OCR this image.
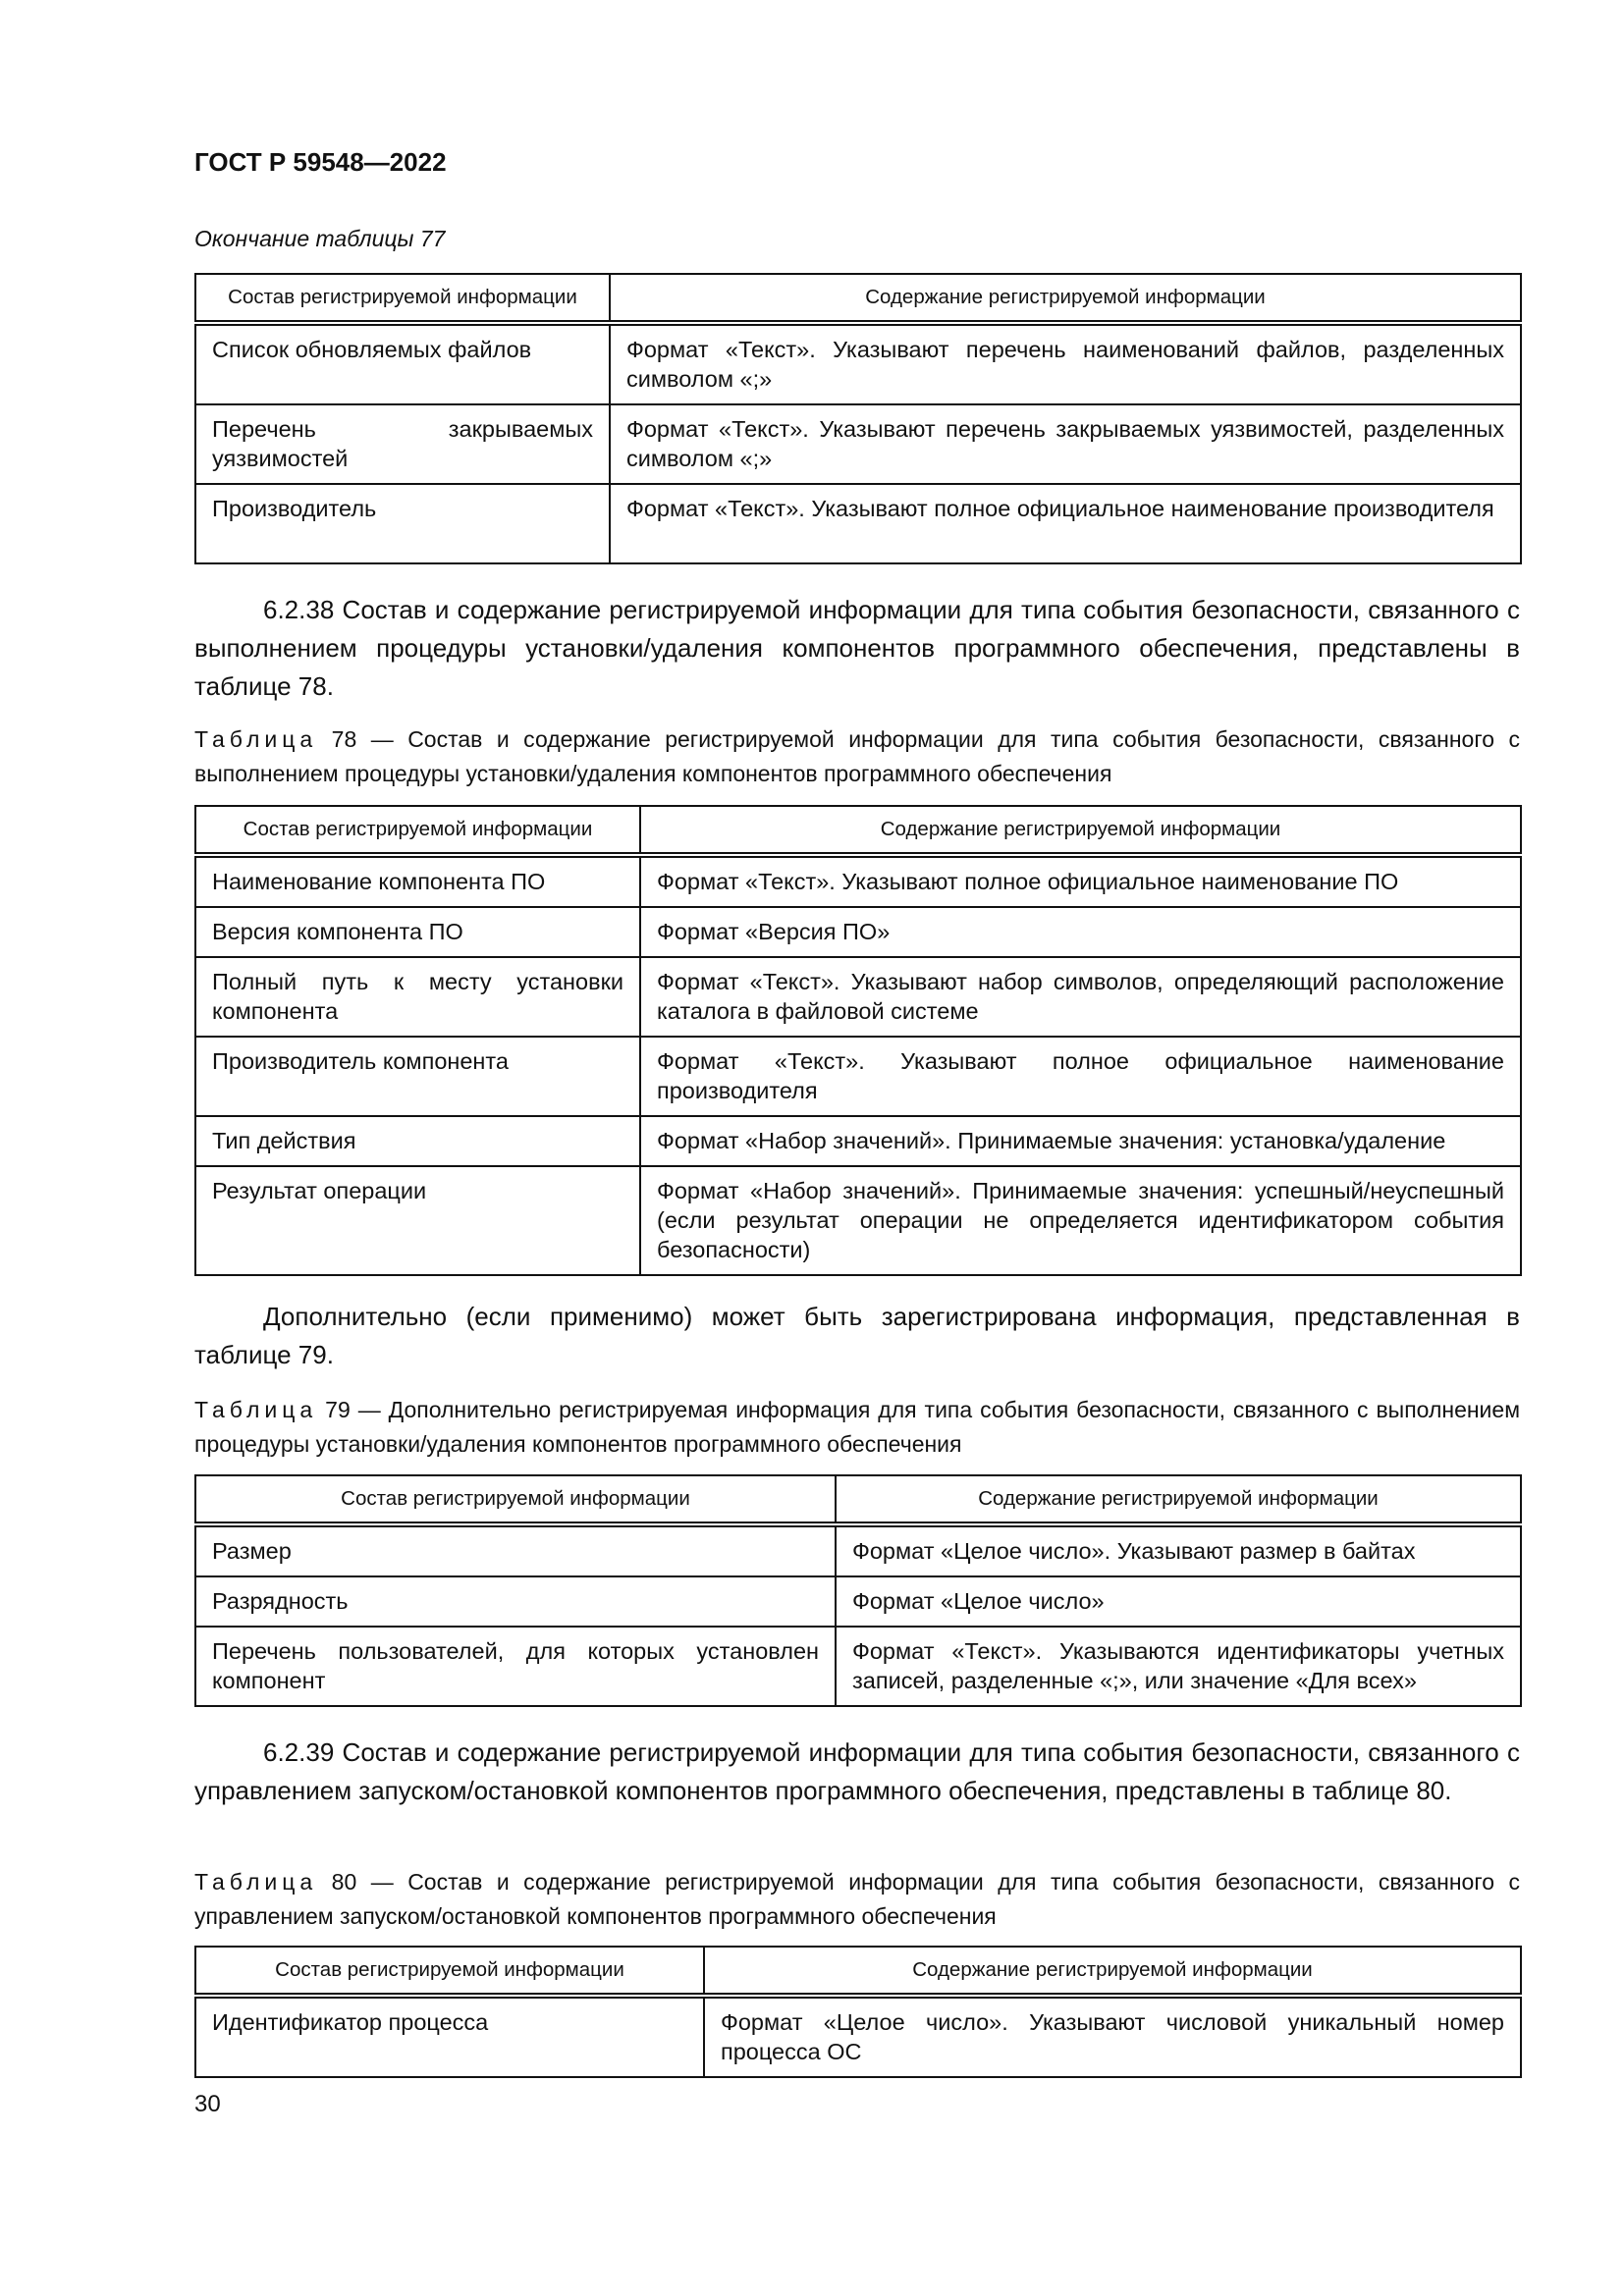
ГОСТ Р 59548—2022
Окончание таблицы 77
Состав регистрируемой информации	Содержание регистрируемой информации
Список обновляемых файлов	Формат «Текст». Указывают перечень наименований файлов, разделенных символом «;»
Перечень закрываемых уязвимостей	Формат «Текст». Указывают перечень закрываемых уязвимостей, разделенных символом «;»
Производитель	Формат «Текст». Указывают полное официальное наименование производителя
6.2.38 Состав и содержание регистрируемой информации для типа события безопасности, связанного с выполнением процедуры установки/удаления компонентов программного обеспечения, представлены в таблице 78.
Таблица 78 — Состав и содержание регистрируемой информации для типа события безопасности, связанного с выполнением процедуры установки/удаления компонентов программного обеспечения
Состав регистрируемой информации	Содержание регистрируемой информации
Наименование компонента ПО	Формат «Текст». Указывают полное официальное наименование ПО
Версия компонента ПО	Формат «Версия ПО»
Полный путь к месту установки компонента	Формат «Текст». Указывают набор символов, определяющий расположение каталога в файловой системе
Производитель компонента	Формат «Текст». Указывают полное официальное наименование производителя
Тип действия	Формат «Набор значений». Принимаемые значения: установка/удаление
Результат операции	Формат «Набор значений». Принимаемые значения: успешный/неуспешный (если результат операции не определяется идентификатором события безопасности)
Дополнительно (если применимо) может быть зарегистрирована информация, представленная в таблице 79.
Таблица 79 — Дополнительно регистрируемая информация для типа события безопасности, связанного с выполнением процедуры установки/удаления компонентов программного обеспечения
Состав регистрируемой информации	Содержание регистрируемой информации
Размер	Формат «Целое число». Указывают размер в байтах
Разрядность	Формат «Целое число»
Перечень пользователей, для которых установлен компонент	Формат «Текст». Указываются идентификаторы учетных записей, разделенные «;», или значение «Для всех»
6.2.39 Состав и содержание регистрируемой информации для типа события безопасности, связанного с управлением запуском/остановкой компонентов программного обеспечения, представлены в таблице 80.
Таблица 80 — Состав и содержание регистрируемой информации для типа события безопасности, связанного с управлением запуском/остановкой компонентов программного обеспечения
Состав регистрируемой информации	Содержание регистрируемой информации
Идентификатор процесса	Формат «Целое число». Указывают числовой уникальный номер процесса ОС
30
